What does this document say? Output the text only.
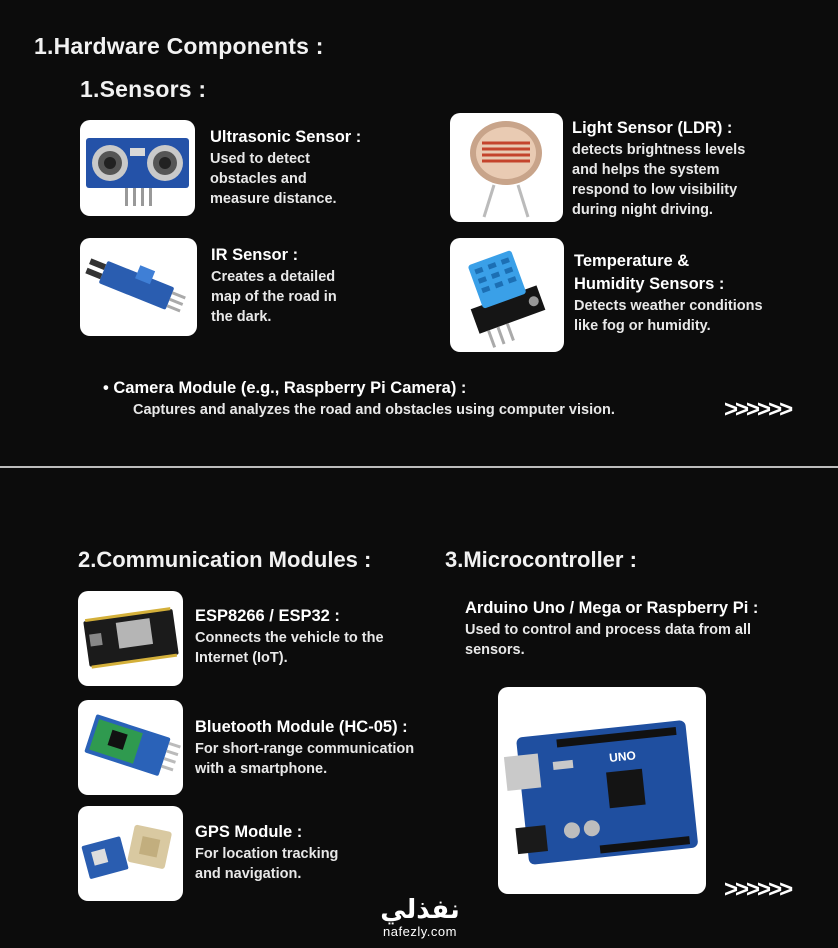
1.Hardware Components :
1.Sensors :
Ultrasonic Sensor :
Used to detect
obstacles and
measure distance.
Light Sensor (LDR) :
detects brightness levels
and helps the system
respond to low visibility
during night driving.
IR Sensor :
Creates a detailed
map of the road in
the dark.
Temperature &
Humidity Sensors :
Detects weather conditions
like fog or humidity.
• Camera Module (e.g., Raspberry Pi Camera) :
Captures and analyzes the road and obstacles using computer vision.	>>>>>>
2.Communication Modules :	3.Microcontroller :
ESP8266 / ESP32 :
Connects the vehicle to the
Internet (IoT).
Bluetooth Module (HC-05) :
For short-range communication
with a smartphone.
GPS Module :
For location tracking
and navigation.
Arduino Uno / Mega or Raspberry Pi :
Used to control and process data from all
sensors.
UNO
>>>>>>
نفذلي
nafezly.com
